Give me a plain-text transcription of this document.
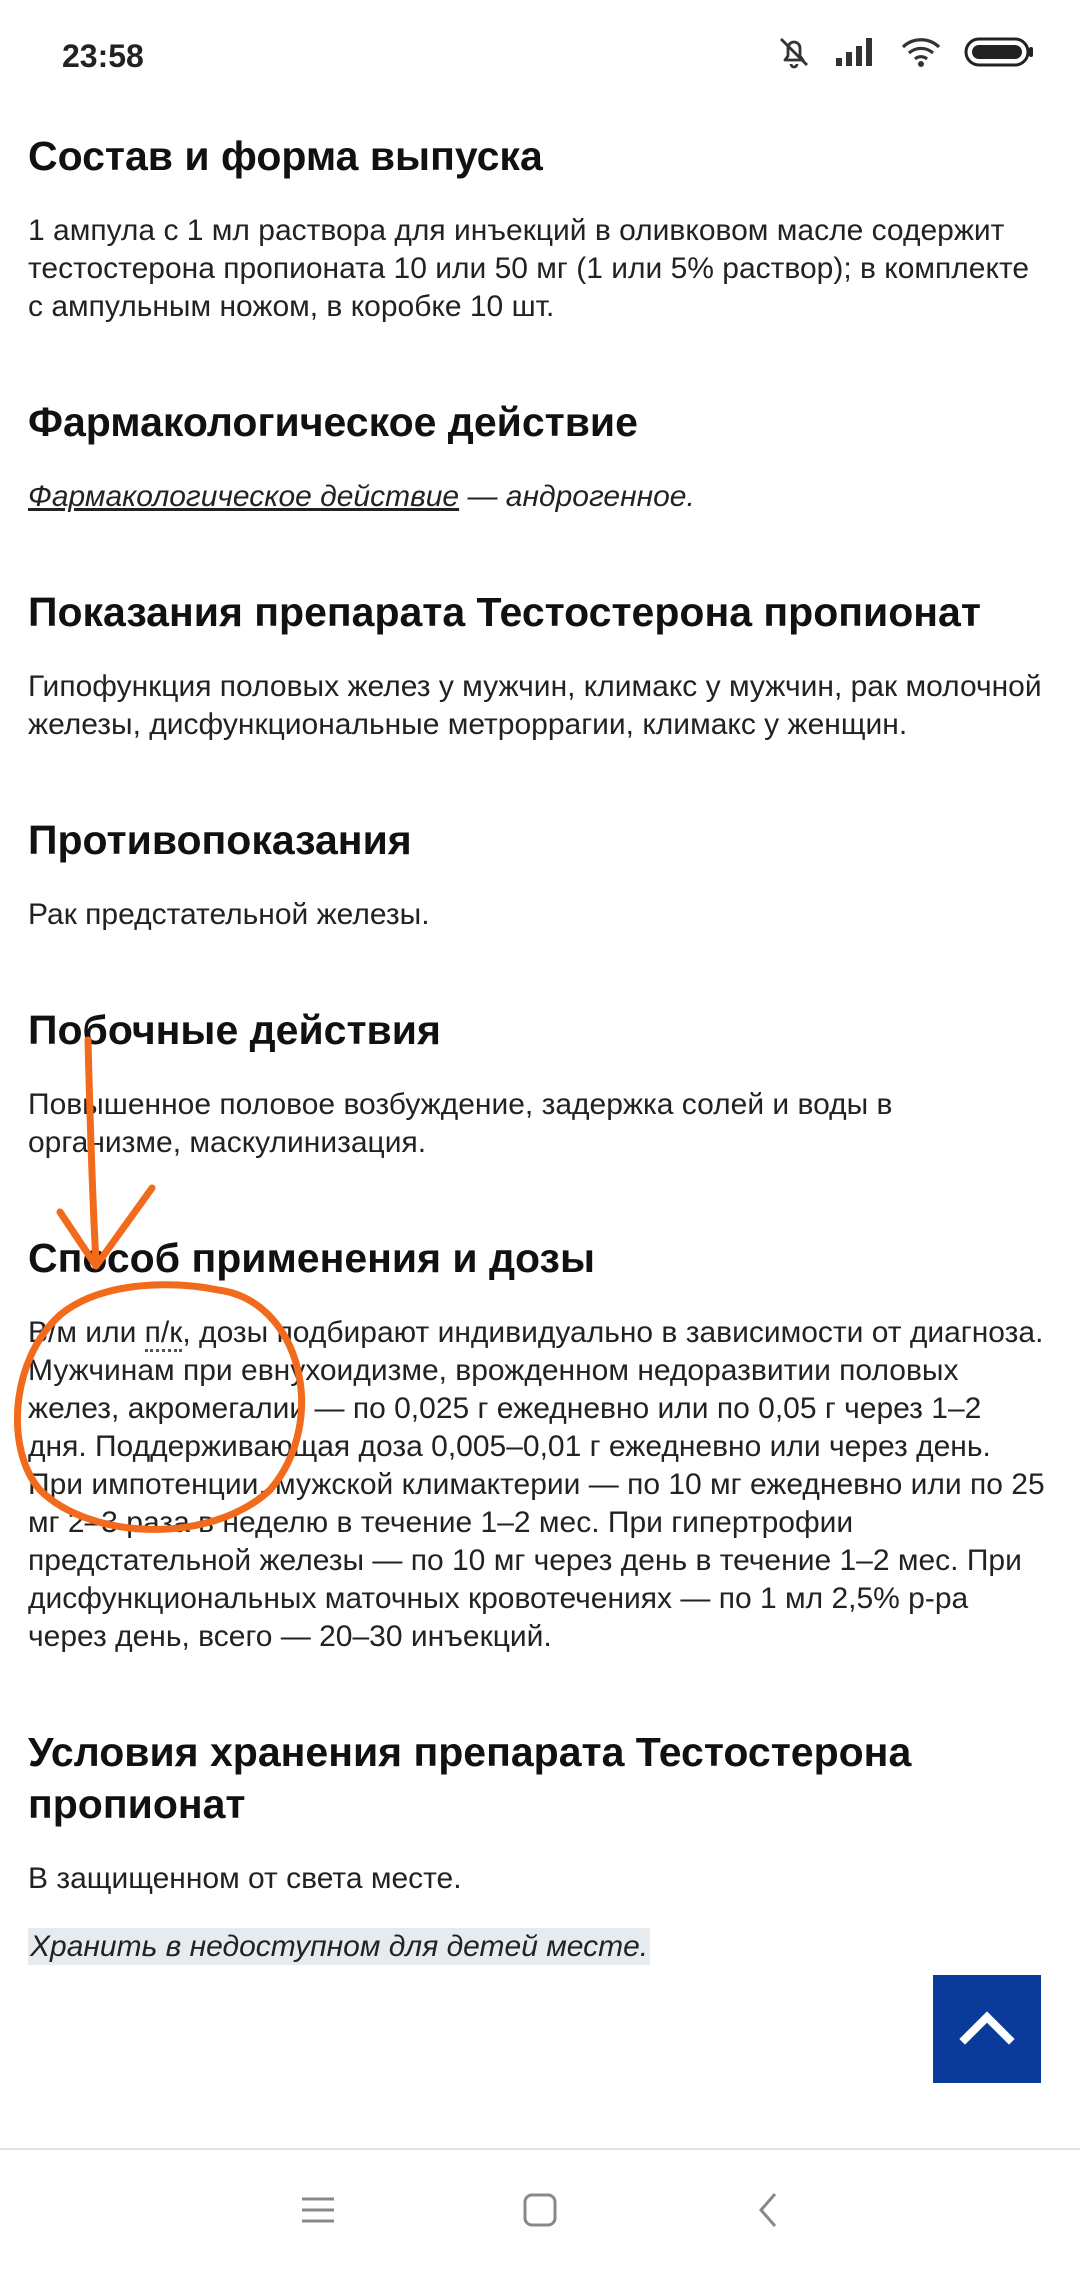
23:58
Состав и форма выпуска

1 ампула с 1 мл раствора для инъекций в оливковом масле содержит тестостерона пропионата 10 или 50 мг (1 или 5% раствор); в комплекте с ампульным ножом, в коробке 10 шт.

Фармакологическое действие

Фармакологическое действие — андрогенное.

Показания препарата Тестостерона пропионат

Гипофункция половых желез у мужчин, климакс у мужчин, рак молочной железы, дисфункциональные метроррагии, климакс у женщин.

Противопоказания

Рак предстательной железы.

Побочные действия

Повышенное половое возбуждение, задержка солей и воды в организме, маскулинизация.

Способ применения и дозы

В/м или п/к, дозы подбирают индивидуально в зависимости от диагноза. Мужчинам при евнухоидизме, врожденном недоразвитии половых желез, акромегалии — по 0,025 г ежедневно или по 0,05 г через 1–2 дня. Поддерживающая доза 0,005–0,01 г ежедневно или через день. При импотенции, мужской климактерии — по 10 мг ежедневно или по 25 мг 2–3 раза в неделю в течение 1–2 мес. При гипертрофии предстательной железы — по 10 мг через день в течение 1–2 мес. При дисфункциональных маточных кровотечениях — по 1 мл 2,5% р-ра через день, всего — 20–30 инъекций.

Условия хранения препарата Тестостерона пропионат

В защищенном от света месте.

Хранить в недоступном для детей месте.
